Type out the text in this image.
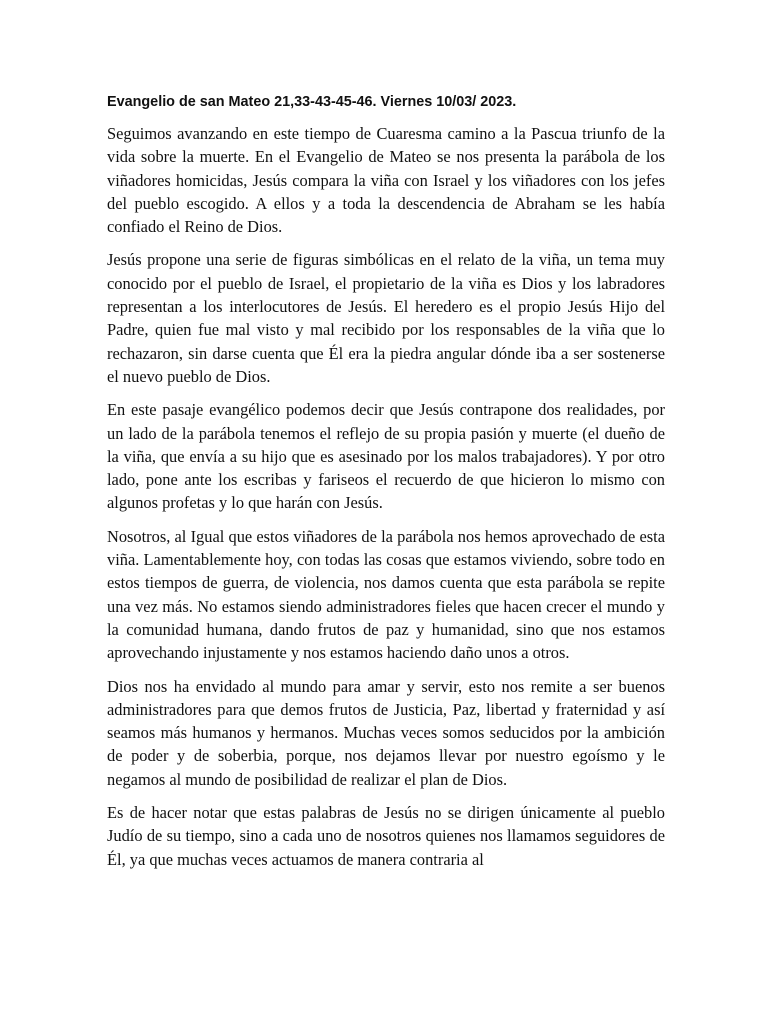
Evangelio de san Mateo 21,33-43-45-46. Viernes 10/03/ 2023.

Seguimos avanzando en este tiempo de Cuaresma camino a la Pascua triunfo de la vida sobre la muerte. En el Evangelio de Mateo se nos presenta la parábola de los viñadores homicidas, Jesús compara la viña con Israel y los viñadores con los jefes del pueblo escogido. A ellos y a toda la descendencia de Abraham se les había confiado el Reino de Dios.

Jesús propone una serie de figuras simbólicas en el relato de la viña, un tema muy conocido por el pueblo de Israel, el propietario de la viña es Dios y los labradores representan a los interlocutores de Jesús. El heredero es el propio Jesús Hijo del Padre, quien fue mal visto y mal recibido por los responsables de la viña que lo rechazaron, sin darse cuenta que Él era la piedra angular dónde iba a ser sostenerse el nuevo pueblo de Dios.

En este pasaje evangélico podemos decir que Jesús contrapone dos realidades, por un lado de la parábola tenemos el reflejo de su propia pasión y muerte (el dueño de la viña, que envía a su hijo que es asesinado por los malos trabajadores). Y por otro lado, pone ante los escribas y fariseos el recuerdo de que hicieron lo mismo con algunos profetas y lo que harán con Jesús.

Nosotros, al Igual que estos viñadores de la parábola nos hemos aprovechado de esta viña. Lamentablemente hoy, con todas las cosas que estamos viviendo, sobre todo en estos tiempos de guerra, de violencia, nos damos cuenta que esta parábola se repite una vez más. No estamos siendo administradores fieles que hacen crecer el mundo y la comunidad humana, dando frutos de paz y humanidad, sino que nos estamos aprovechando injustamente y nos estamos haciendo daño unos a otros.

Dios nos ha envidado al mundo para amar y servir, esto nos remite a ser buenos administradores para que demos frutos de Justicia, Paz, libertad y fraternidad y así seamos más humanos y hermanos. Muchas veces somos seducidos por la ambición de poder y de soberbia, porque, nos dejamos llevar por nuestro egoísmo y le negamos al mundo de posibilidad de realizar el plan de Dios.

Es de hacer notar que estas palabras de Jesús no se dirigen únicamente al pueblo Judío de su tiempo, sino a cada uno de nosotros quienes nos llamamos seguidores de Él, ya que muchas veces actuamos de manera contraria al
